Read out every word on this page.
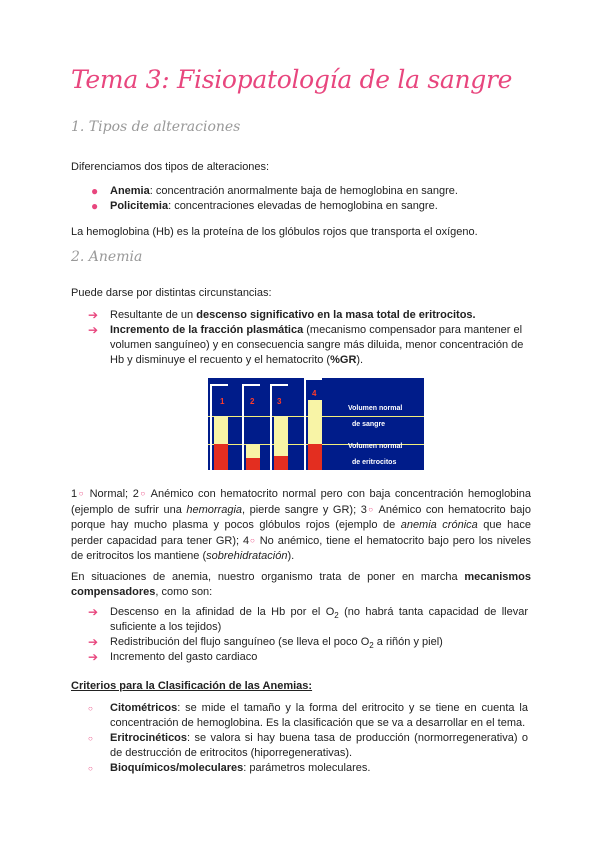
Tema 3: Fisiopatología de la sangre
1. Tipos de alteraciones

Diferenciamos dos tipos de alteraciones:

● Anemia: concentración anormalmente baja de hemoglobina en sangre.
● Policitemia: concentraciones elevadas de hemoglobina en sangre.

La hemoglobina (Hb) es la proteína de los glóbulos rojos que transporta el oxígeno.

2. Anemia

Puede darse por distintas circunstancias:

➔ Resultante de un descenso significativo en la masa total de eritrocitos.
➔ Incremento de la fracción plasmática (mecanismo compensador para mantener el volumen sanguíneo) y en consecuencia sangre más diluida, menor concentración de Hb y disminuye el recuento y el hematocrito (%GR).
1	2	3
4
Volumen normal
de sangre
Volumen normal
de eritrocitos

1○ Normal; 2○ Anémico con hematocrito normal pero con baja concentración hemoglobina (ejemplo de sufrir una hemorragia, pierde sangre y GR); 3○ Anémico con hematocrito bajo porque hay mucho plasma y pocos glóbulos rojos (ejemplo de anemia crónica que hace perder capacidad para tener GR); 4○ No anémico, tiene el hematocrito bajo pero los niveles de eritrocitos los mantiene (sobrehidratación).

En situaciones de anemia, nuestro organismo trata de poner en marcha mecanismos compensadores, como son:

➔ Descenso en la afinidad de la Hb por el $O_2$ (no habrá tanta capacidad de llevar suficiente a los tejidos)
➔ Redistribución del flujo sanguíneo (se lleva el poco $O_2$ a riñón y piel)
➔ Incremento del gasto cardiaco

Criterios para la Clasificación de las Anemias:

○ Citométricos: se mide el tamaño y la forma del eritrocito y se tiene en cuenta la concentración de hemoglobina. Es la clasificación que se va a desarrollar en el tema.
○ Eritrocinéticos: se valora si hay buena tasa de producción (normorregenerativa) o de destrucción de eritrocitos (hiporregenerativas).
○ Bioquímicos/moleculares: parámetros moleculares.
